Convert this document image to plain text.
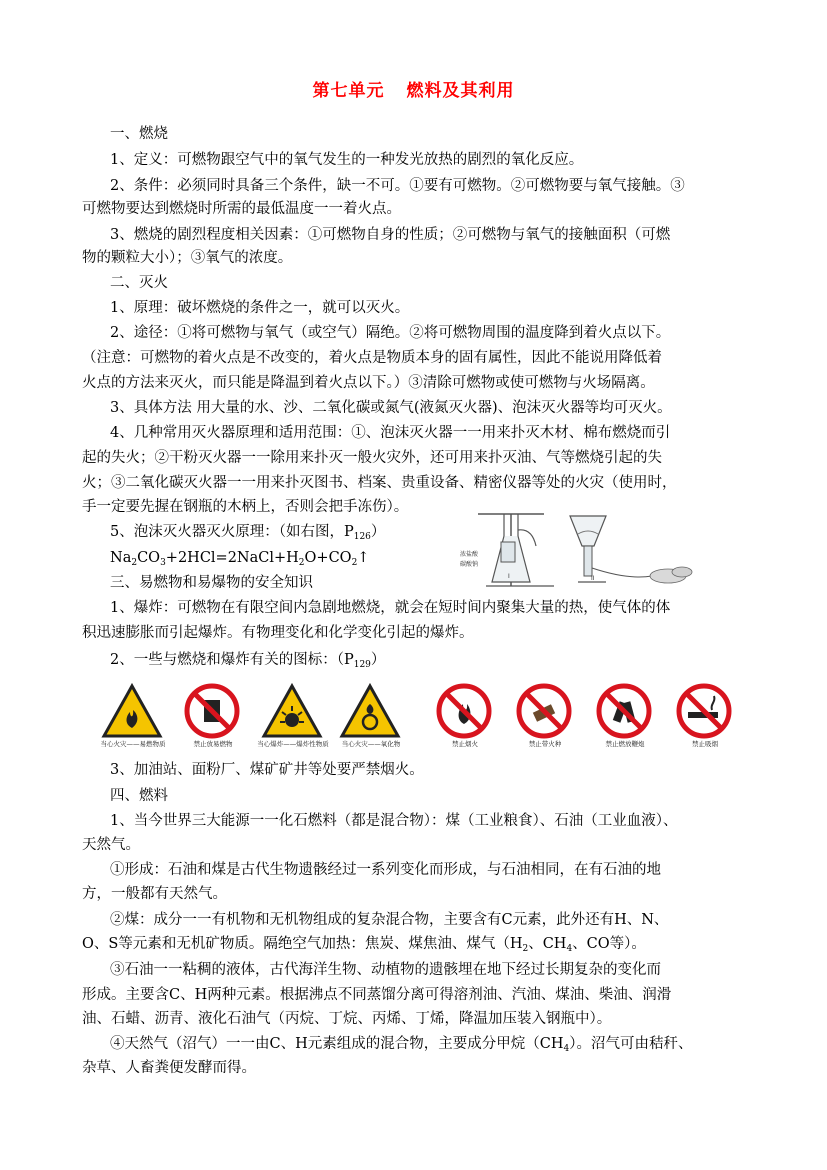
第七单元 燃料及其利用
一、燃烧
1、定义：可燃物跟空气中的氧气发生的一种发光放热的剧烈的氧化反应。
2、条件：必须同时具备三个条件，缺一不可。①要有可燃物。②可燃物要与氧气接触。③
可燃物要达到燃烧时所需的最低温度一一着火点。
3、燃烧的剧烈程度相关因素：①可燃物自身的性质；②可燃物与氧气的接触面积（可燃
物的颗粒大小）；③氧气的浓度。
二、灭火
1、原理：破坏燃烧的条件之一，就可以灭火。
2、途径：①将可燃物与氧气（或空气）隔绝。②将可燃物周围的温度降到着火点以下。
（注意：可燃物的着火点是不改变的，着火点是物质本身的固有属性，因此不能说用降低着
火点的方法来灭火，而只能是降温到着火点以下。）③清除可燃物或使可燃物与火场隔离。
3、具体方法 用大量的水、沙、二氧化碳或氮气(液氮灭火器)、泡沫灭火器等均可灭火。
4、几种常用灭火器原理和适用范围：①、泡沫灭火器一一用来扑灭木材、棉布燃烧而引
起的失火；②干粉灭火器一一除用来扑灭一般火灾外，还可用来扑灭油、气等燃烧引起的失
火；③二氧化碳灭火器一一用来扑灭图书、档案、贵重设备、精密仪器等处的火灾（使用时，
手一定要先握在钢瓶的木柄上，否则会把手冻伤）。
5、泡沫灭火器灭火原理：（如右图，$P_{126}$）
$Na_2CO_3+2HCl=2NaCl+H_2O+CO_2↑$	浓盐酸
碳酸钠
I	II
三、易燃物和易爆物的安全知识
1、爆炸：可燃物在有限空间内急剧地燃烧，就会在短时间内聚集大量的热，使气体的体
积迅速膨胀而引起爆炸。有物理变化和化学变化引起的爆炸。
2、一些与燃烧和爆炸有关的图标：$(P_{129})$
当心火灾——易燃物质	禁止放易燃物	当心爆炸——爆炸性物质	当心火灾——氧化物	禁止烟火	禁止带火种	禁止燃放鞭炮	禁止吸烟
3、加油站、面粉厂、煤矿矿井等处要严禁烟火。
四、燃料
1、当今世界三大能源一一化石燃料（都是混合物）：煤（工业粮食）、石油（工业血液）、
天然气。
①形成：石油和煤是古代生物遗骸经过一系列变化而形成，与石油相同，在有石油的地
方，一般都有天然气。
②煤：成分一一有机物和无机物组成的复杂混合物，主要含有C元素，此外还有H、N、
O、S等元素和无机矿物质。隔绝空气加热：焦炭、煤焦油、煤气（$H_2$、$CH_4$、CO等）。
③石油一一粘稠的液体，古代海洋生物、动植物的遗骸埋在地下经过长期复杂的变化而
形成。主要含C、H两种元素。根据沸点不同蒸馏分离可得溶剂油、汽油、煤油、柴油、润滑
油、石蜡、沥青、液化石油气（丙烷、丁烷、丙烯、丁烯，降温加压装入钢瓶中）。
④天然气（沼气）一一由C、H元素组成的混合物，主要成分甲烷$(CH_4)$。沼气可由秸秆、
杂草、人畜粪便发酵而得。
